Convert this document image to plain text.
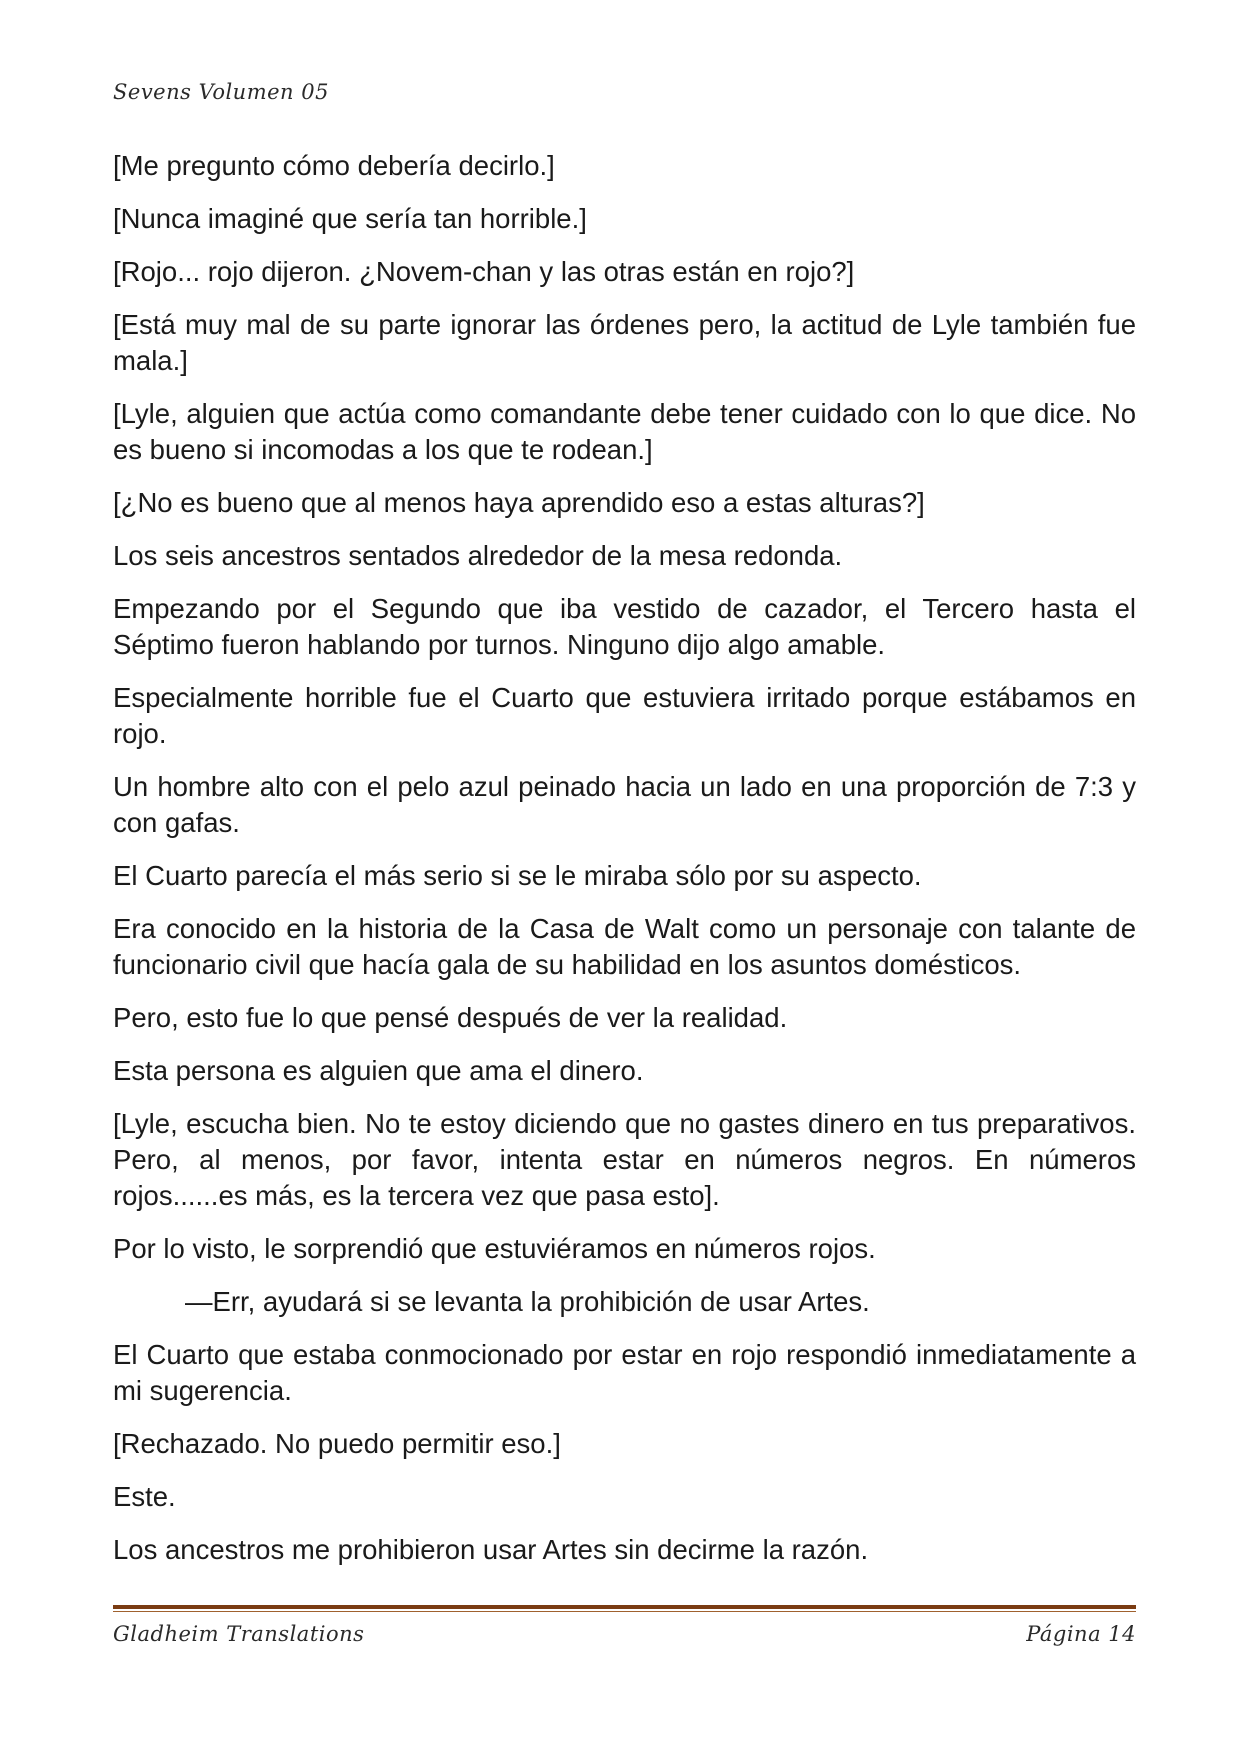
Sevens Volumen 05

[Me pregunto cómo debería decirlo.]

[Nunca imaginé que sería tan horrible.]

[Rojo... rojo dijeron. ¿Novem-chan y las otras están en rojo?]

[Está muy mal de su parte ignorar las órdenes pero, la actitud de Lyle también fue mala.]

[Lyle, alguien que actúa como comandante debe tener cuidado con lo que dice. No es bueno si incomodas a los que te rodean.]

[¿No es bueno que al menos haya aprendido eso a estas alturas?]

Los seis ancestros sentados alrededor de la mesa redonda.

Empezando por el Segundo que iba vestido de cazador, el Tercero hasta el Séptimo fueron hablando por turnos. Ninguno dijo algo amable.

Especialmente horrible fue el Cuarto que estuviera irritado porque estábamos en rojo.

Un hombre alto con el pelo azul peinado hacia un lado en una proporción de 7:3 y con gafas.

El Cuarto parecía el más serio si se le miraba sólo por su aspecto.

Era conocido en la historia de la Casa de Walt como un personaje con talante de funcionario civil que hacía gala de su habilidad en los asuntos domésticos.

Pero, esto fue lo que pensé después de ver la realidad.

Esta persona es alguien que ama el dinero.

[Lyle, escucha bien. No te estoy diciendo que no gastes dinero en tus preparativos. Pero, al menos, por favor, intenta estar en números negros. En números rojos......es más, es la tercera vez que pasa esto].

Por lo visto, le sorprendió que estuviéramos en números rojos.

—Err, ayudará si se levanta la prohibición de usar Artes.

El Cuarto que estaba conmocionado por estar en rojo respondió inmediatamente a mi sugerencia.

[Rechazado. No puedo permitir eso.]

Este.

Los ancestros me prohibieron usar Artes sin decirme la razón.

Gladheim Translations	Página 14
